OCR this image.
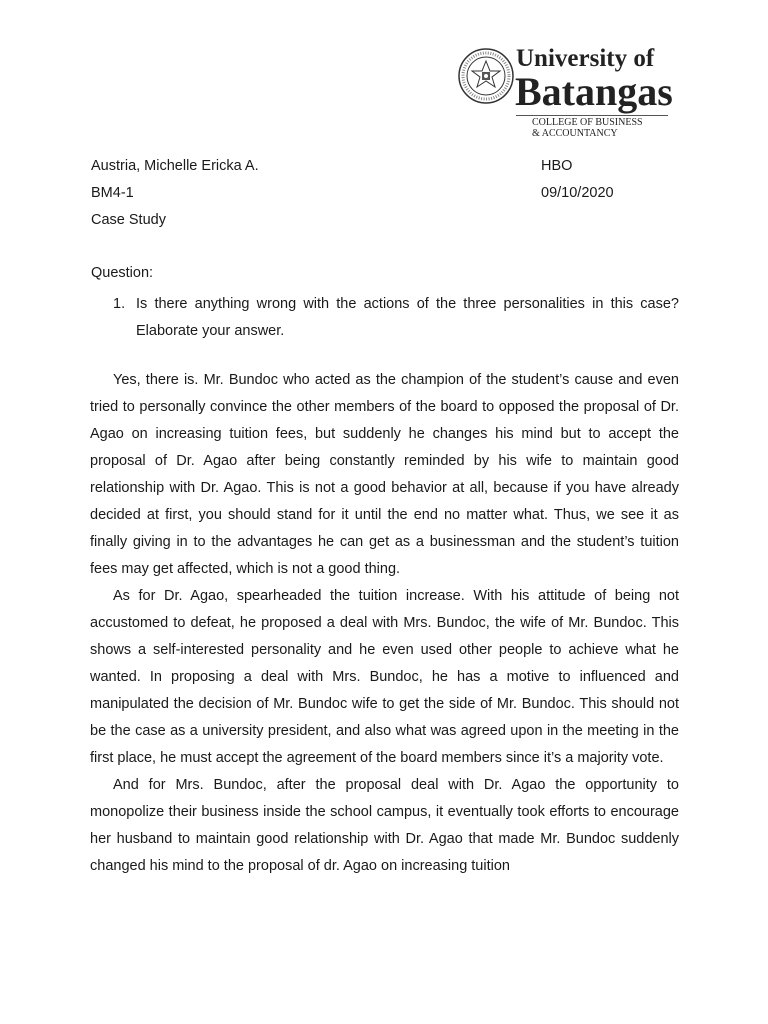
University of
Batangas
COLLEGE OF BUSINESS
& ACCOUNTANCY
Austria, Michelle Ericka A.	HBO
BM4-1	09/10/2020
Case Study
Question:
1. Is there anything wrong with the actions of the three personalities in this case? Elaborate your answer.

Yes, there is. Mr. Bundoc who acted as the champion of the student’s cause and even tried to personally convince the other members of the board to opposed the proposal of Dr. Agao on increasing tuition fees, but suddenly he changes his mind but to accept the proposal of Dr. Agao after being constantly reminded by his wife to maintain good relationship with Dr. Agao. This is not a good behavior at all, because if you have already decided at first, you should stand for it until the end no matter what. Thus, we see it as finally giving in to the advantages he can get as a businessman and the student’s tuition fees may get affected, which is not a good thing.

As for Dr. Agao, spearheaded the tuition increase. With his attitude of being not accustomed to defeat, he proposed a deal with Mrs. Bundoc, the wife of Mr. Bundoc. This shows a self-interested personality and he even used other people to achieve what he wanted. In proposing a deal with Mrs. Bundoc, he has a motive to influenced and manipulated the decision of Mr. Bundoc wife to get the side of Mr. Bundoc. This should not be the case as a university president, and also what was agreed upon in the meeting in the first place, he must accept the agreement of the board members since it’s a majority vote.

And for Mrs. Bundoc, after the proposal deal with Dr. Agao the opportunity to monopolize their business inside the school campus, it eventually took efforts to encourage her husband to maintain good relationship with Dr. Agao that made Mr. Bundoc suddenly changed his mind to the proposal of dr. Agao on increasing tuition
